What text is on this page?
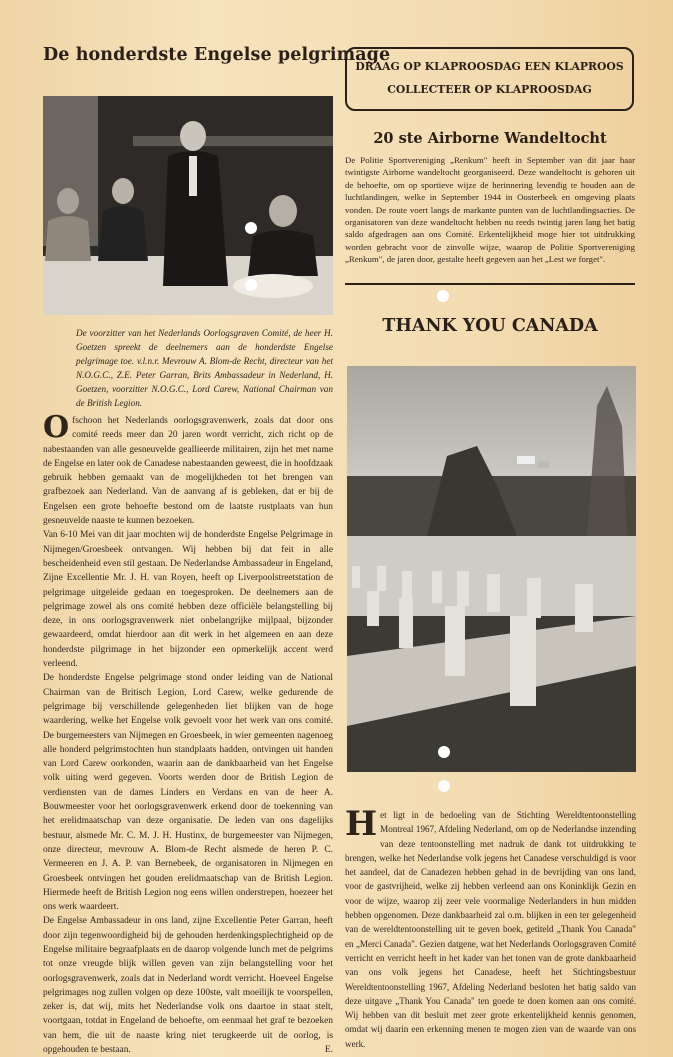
De honderdste Engelse pelgrimage
De voorzitter van het Nederlands Oorlogsgraven Comité, de heer H. Goetzen spreekt de deelnemers aan de honderdste Engelse pelgrimage toe. v.l.n.r. Mevrouw A. Blom-de Recht, directeur van het N.O.G.C., Z.E. Peter Garran, Brits Ambassadeur in Nederland, H. Goetzen, voorzitter N.O.G.C., Lord Carew, National Chairman van de British Legion.

Ofschoon het Nederlands oorlogsgravenwerk, zoals dat door ons comité reeds meer dan 20 jaren wordt verricht, zich richt op de nabestaanden van alle gesneuvelde geallieerde militairen, zijn het met name de Engelse en later ook de Canadese nabestaanden geweest, die in hoofdzaak gebruik hebben gemaakt van de mogelijkheden tot het brengen van grafbezoek aan Nederland. Van de aanvang af is gebleken, dat er bij de Engelsen een grote behoefte bestond om de laatste rustplaats van hun gesneuvelde naaste te kunnen bezoeken.

Van 6-10 Mei van dit jaar mochten wij de honderdste Engelse Pelgrimage in Nijmegen/Groesbeek ontvangen. Wij hebben bij dat feit in alle bescheidenheid even stil gestaan. De Nederlandse Ambassadeur in Engeland, Zijne Excellentie Mr. J. H. van Royen, heeft op Liverpoolstreetstation de pelgrimage uitgeleide gedaan en toegesproken. De deelnemers aan de pelgrimage zowel als ons comité hebben deze officiële belangstelling bij deze, in ons oorlogsgravenwerk niet onbelangrijke mijlpaal, bijzonder gewaardeerd, omdat hierdoor aan dit werk in het algemeen en aan deze honderdste pilgrimage in het bijzonder een opmerkelijk accent werd verleend.

De honderdste Engelse pelgrimage stond onder leiding van de National Chairman van de Britisch Legion, Lord Carew, welke gedurende de pelgrimage bij verschillende gelegenheden liet blijken van de hoge waardering, welke het Engelse volk gevoelt voor het werk van ons comité. De burgemeesters van Nijmegen en Groesbeek, in wier gemeenten nagenoeg alle honderd pelgrimstochten hun standplaats hadden, ontvingen uit handen van Lord Carew oorkonden, waarin aan de dankbaarheid van het Engelse volk uiting werd gegeven. Voorts werden door de British Legion de verdiensten van de dames Linders en Verdans en van de heer A. Bouwmeester voor het oorlogsgravenwerk erkend door de toekenning van het erelidmaatschap van deze organisatie. De leden van ons dagelijks bestuur, alsmede Mr. C. M. J. H. Hustinx, de burgemeester van Nijmegen, onze directeur, mevrouw A. Blom-de Recht alsmede de heren P. C. Vermeeren en J. A. P. van Bernebeek, de organisatoren in Nijmegen en Groesbeek ontvingen het gouden erelidmaatschap van de British Legion. Hiermede heeft de British Legion nog eens willen onderstrepen, hoezeer het ons werk waardeert.

De Engelse Ambassadeur in ons land, zijne Excellentie Peter Garran, heeft door zijn tegenwoordigheid bij de gehouden herdenkingsplechtigheid op de Engelse militaire begraafplaats en de daarop volgende lunch met de pelgrims tot onze vreugde blijk willen geven van zijn belangstelling voor het oorlogsgravenwerk, zoals dat in Nederland wordt verricht. Hoeveel Engelse pelgrimages nog zullen volgen op deze 100ste, valt moeilijk te voorspellen, zeker is, dat wij, mits het Nederlandse volk ons daartoe in staat stelt, voortgaan, totdat in Engeland de behoefte, om eenmaal het graf te bezoeken van hem, die uit de naaste kring niet terugkeerde uit de oorlog, is opgehouden te bestaan.	E.

DRAAG OP KLAPROOSDAG EEN KLAPROOS
COLLECTEER OP KLAPROOSDAG
20 ste Airborne Wandeltocht
De Politie Sportvereniging „Renkum" heeft in September van dit jaar haar twintigste Airborne wandeltocht georganiseerd. Deze wandeltocht is geboren uit de behoefte, om op sportieve wijze de herinnering levendig te houden aan de luchtlandingen, welke in September 1944 in Oosterbeek en omgeving plaats vonden. De route voert langs de markante punten van de luchtlandingsacties. De organisatoren van deze wandeltocht hebben nu reeds twintig jaren lang het batig saldo afgedragen aan ons Comité. Erkentelijkheid moge hier tot uitdrukking worden gebracht voor de zinvolle wijze, waarop de Politie Sportvereniging „Renkum", de jaren door, gestalte heeft gegeven aan het „Lest we forget".
THANK YOU CANADA

Het ligt in de bedoeling van de Stichting Wereldtentoonstelling Montreal 1967, Afdeling Nederland, om op de Nederlandse inzending van deze tentoonstelling met nadruk de dank tot uitdrukking te brengen, welke het Nederlandse volk jegens het Canadese verschuldigd is voor het aandeel, dat de Canadezen hebben gehad in de bevrijding van ons land, voor de gastvrijheid, welke zij hebben verleend aan ons Koninklijk Gezin en voor de wijze, waarop zij zeer vele voormalige Nederlanders in hun midden hebben opgenomen. Deze dankbaarheid zal o.m. blijken in een ter gelegenheid van de wereldtentoonstelling uit te geven boek, getiteld „Thank You Canada" en „Merci Canada". Gezien datgene, wat het Nederlands Oorlogsgraven Comité verricht en verricht heeft in het kader van het tonen van de grote dankbaarheid van ons volk jegens het Canadese, heeft het Stichtingsbestuur Wereldtentoonstelling 1967, Afdeling Nederland besloten het batig saldo van deze uitgave „Thank You Canada" ten goede te doen komen aan ons comité. Wij hebben van dit besluit met zeer grote erkentelijkheid kennis genomen, omdat wij daarin een erkenning menen te mogen zien van de waarde van ons werk.
